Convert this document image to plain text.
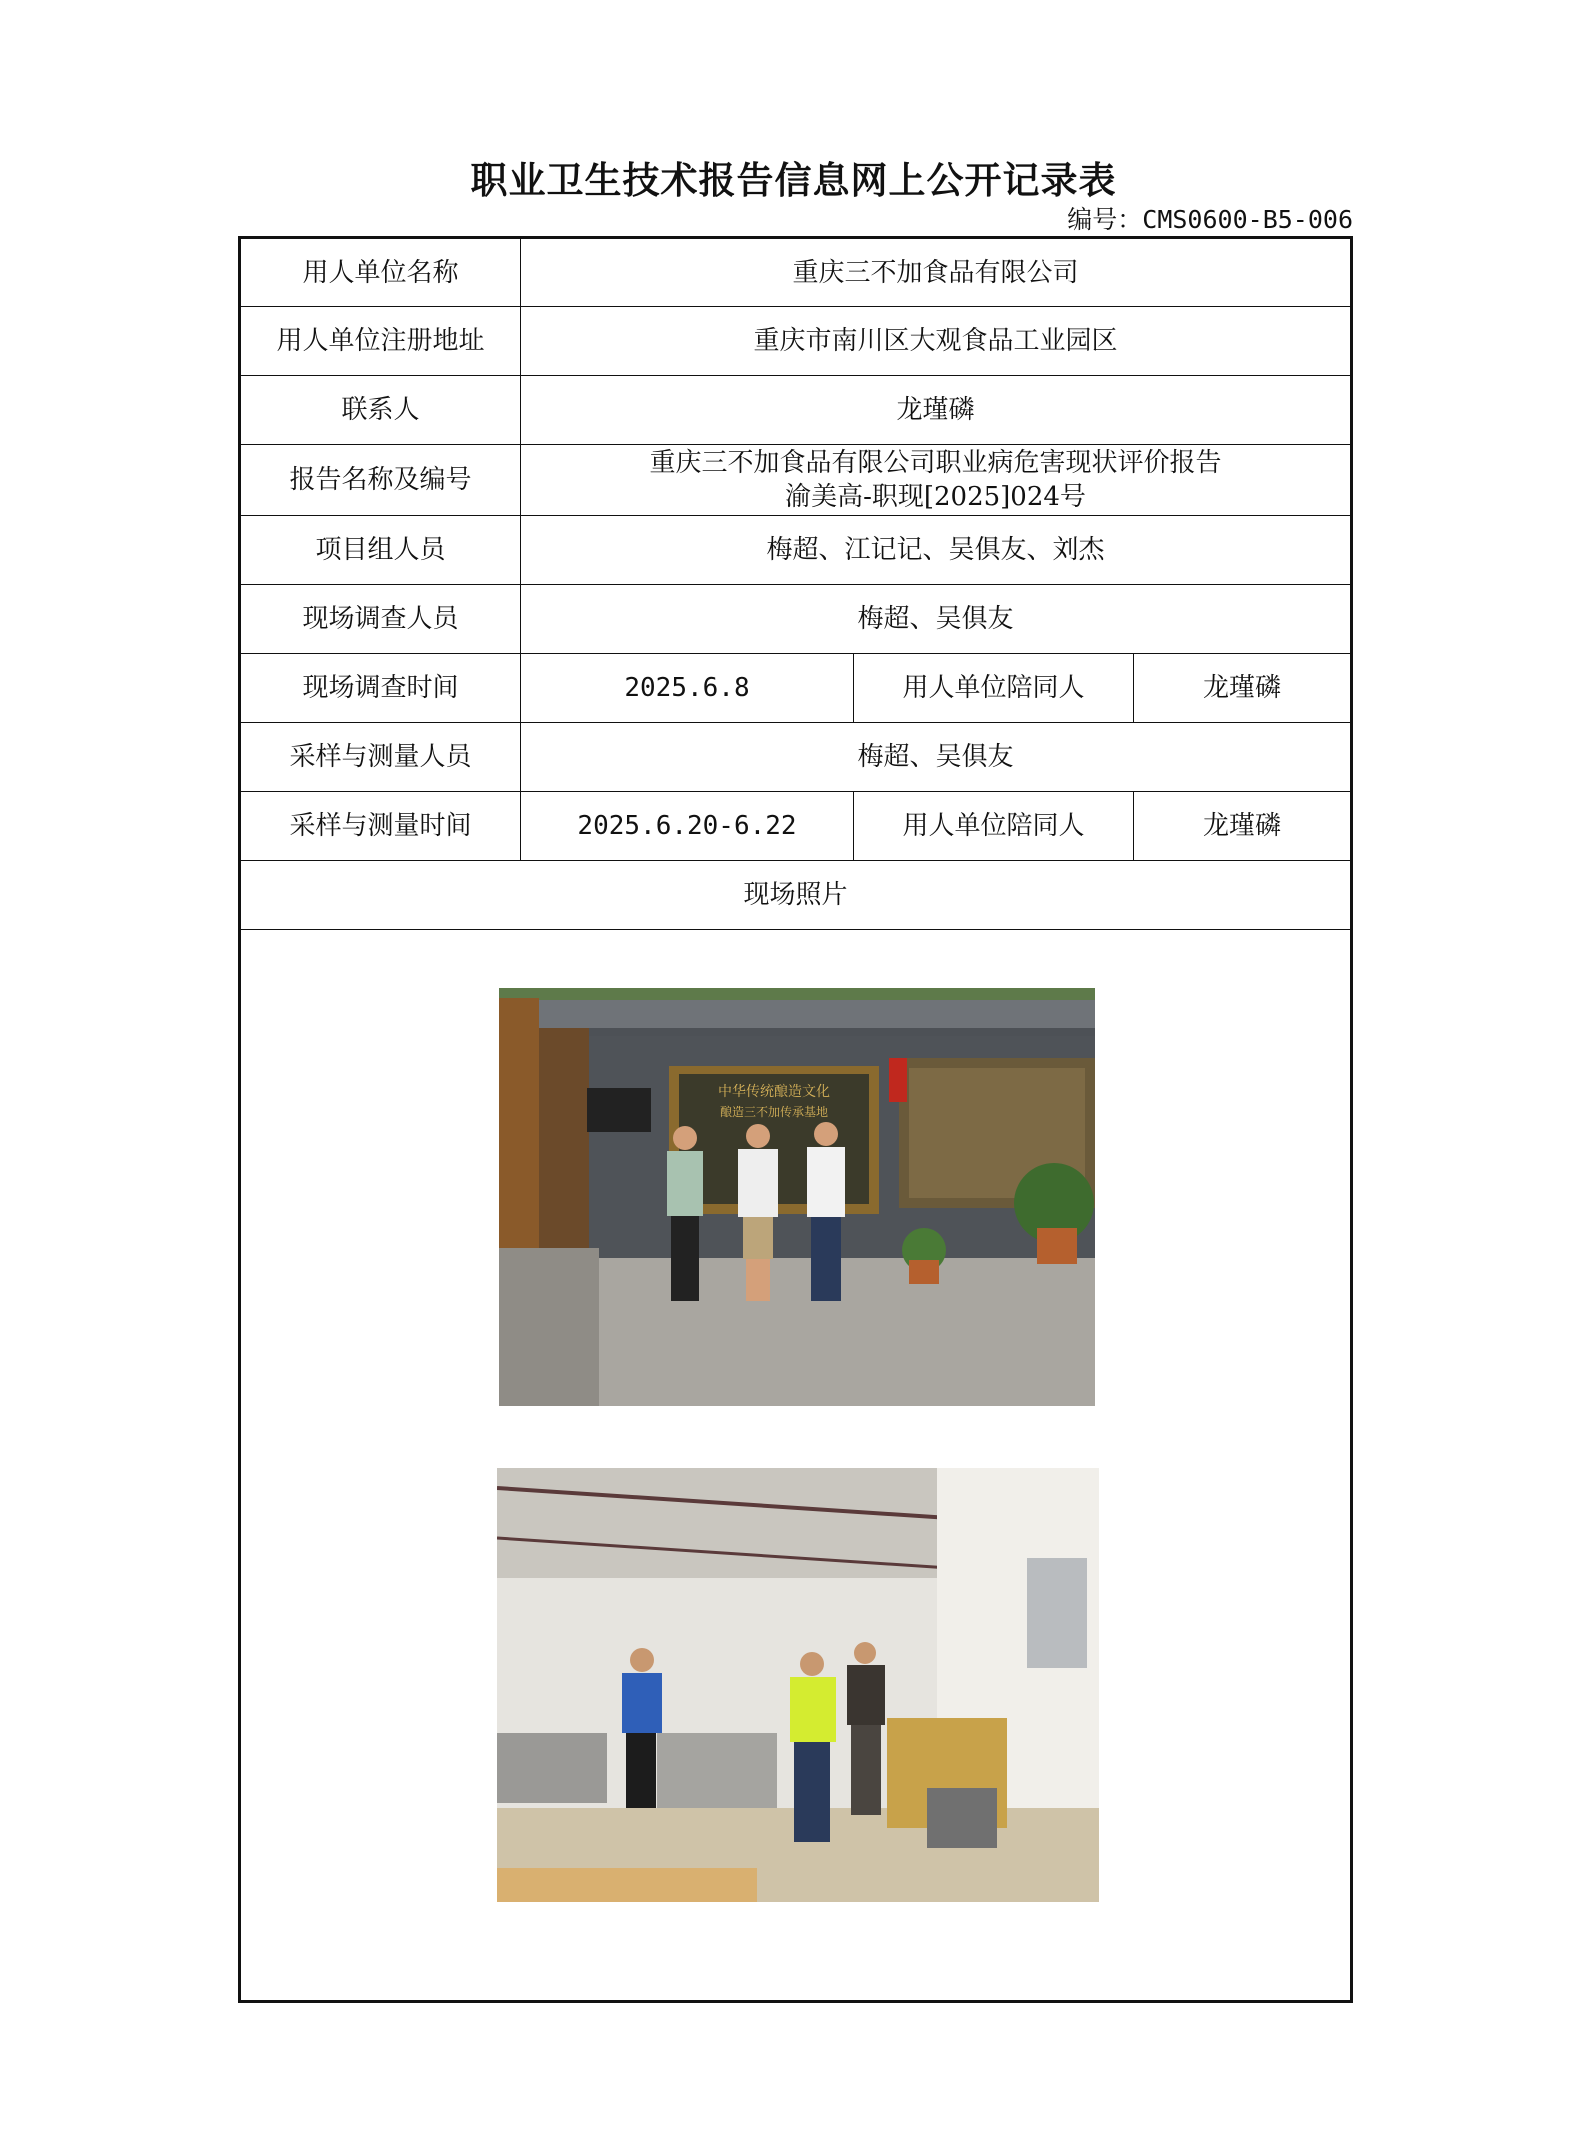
职业卫生技术报告信息网上公开记录表
编号：CMS0600-B5-006
用人单位名称	重庆三不加食品有限公司		
用人单位注册地址	重庆市南川区大观食品工业园区		
联系人	龙瑾磷		
报告名称及编号	重庆三不加食品有限公司职业病危害现状评价报告
渝美高-职现[2025]024号		

项目组人员	梅超、江记记、吴俱友、刘杰		
现场调查人员	梅超、吴俱友		
现场调查时间	2025.6.8	用人单位陪同人	龙瑾磷
采样与测量人员	梅超、吴俱友		
采样与测量时间	2025.6.20-6.22	用人单位陪同人	龙瑾磷
现场照片			

中华传统酿造文化
酿造三不加传承基地			
